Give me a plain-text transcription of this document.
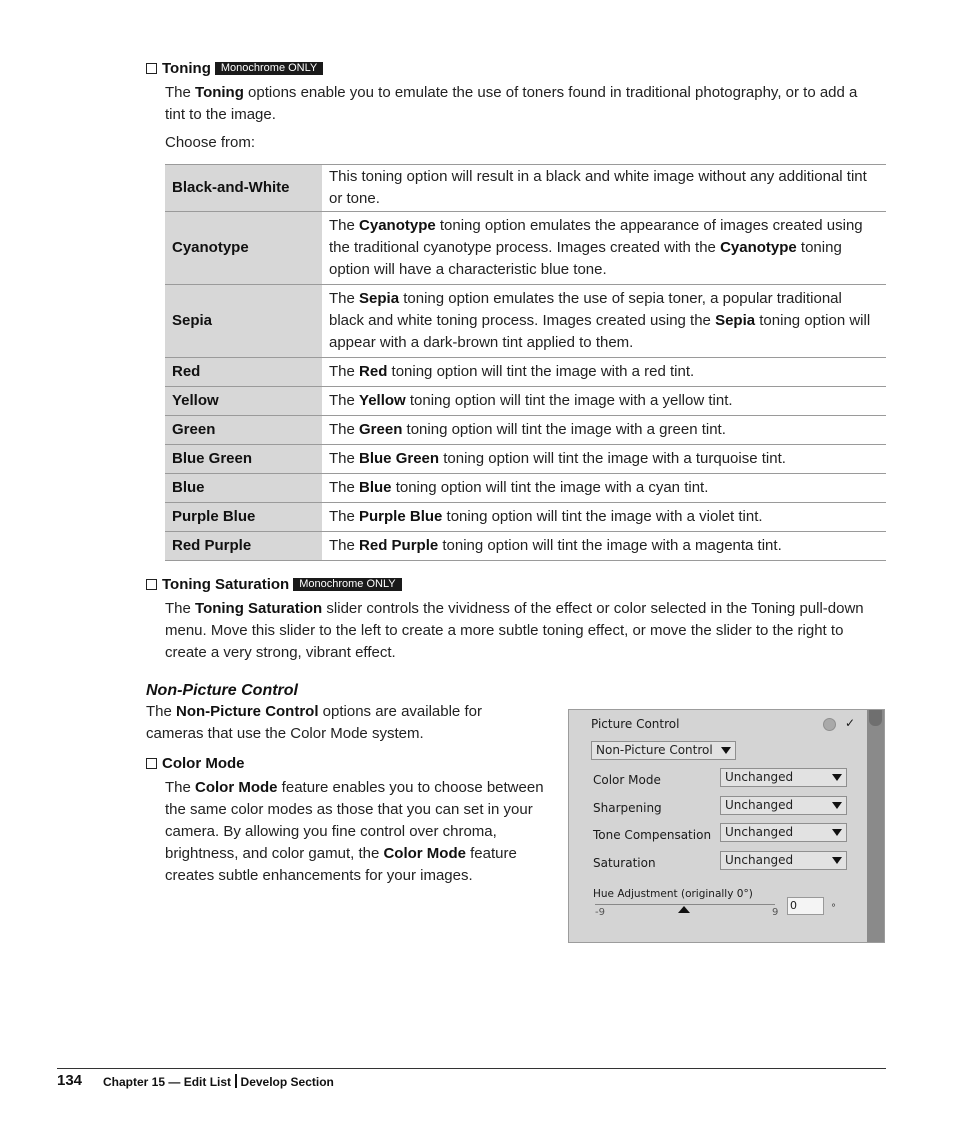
Toning Monochrome ONLY

The Toning options enable you to emulate the use of toners found in traditional photography, or to add a tint to the image.

Choose from:

Black-and-White	This toning option will result in a black and white image without any additional tint or tone.
Cyanotype	The Cyanotype toning option emulates the appearance of images created using the traditional cyanotype process. Images created with the Cyanotype toning option will have a characteristic blue tone.
Sepia	The Sepia toning option emulates the use of sepia toner, a popular traditional black and white toning process. Images created using the Sepia toning option will appear with a dark-brown tint applied to them.
Red	The Red toning option will tint the image with a red tint.
Yellow	The Yellow toning option will tint the image with a yellow tint.
Green	The Green toning option will tint the image with a green tint.
Blue Green	The Blue Green toning option will tint the image with a turquoise tint.
Blue	The Blue toning option will tint the image with a cyan tint.
Purple Blue	The Purple Blue toning option will tint the image with a violet tint.
Red Purple	The Red Purple toning option will tint the image with a magenta tint.
Toning Saturation Monochrome ONLY

The Toning Saturation slider controls the vividness of the effect or color selected in the Toning pull-down menu. Move this slider to the left to create a more subtle toning effect, or move the slider to the right to create a very strong, vibrant effect.

Non-Picture Control

The Non-Picture Control options are available for cameras that use the Color Mode system.

Color Mode

The Color Mode feature enables you to choose between the same color modes as those that you can set in your camera. By allowing you fine control over chroma, brightness, and color gamut, the Color Mode feature creates subtle enhancements for your images.

Picture Control	✓
Non-Picture Control
Color Mode	Unchanged
Sharpening	Unchanged
Tone Compensation	Unchanged
Saturation	Unchanged
Hue Adjustment (originally 0°)
-9	9
0	°
134 Chapter 15 — Edit List Develop Section
